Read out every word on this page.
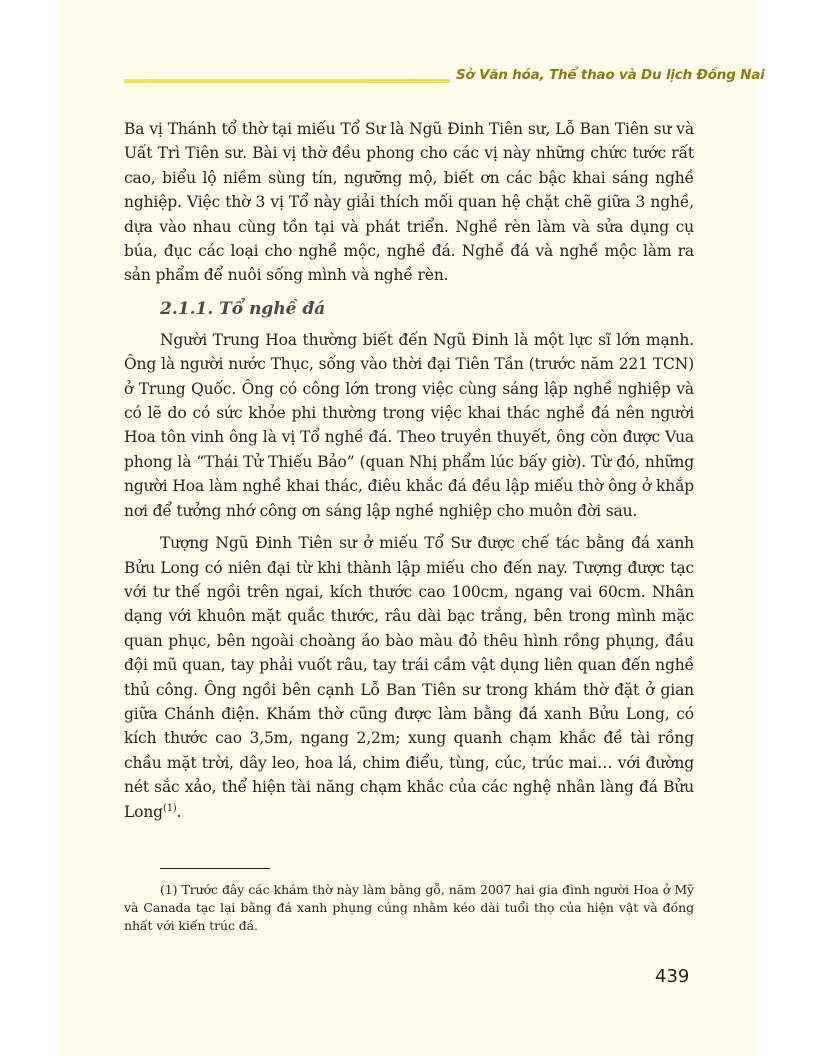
Sở Văn hóa, Thể thao và Du lịch Đồng Nai

Ba vị Thánh tổ thờ tại miếu Tổ Sư là Ngũ Đinh Tiên sư, Lỗ Ban Tiên sư và Uất Trì Tiên sư. Bài vị thờ đều phong cho các vị này những chức tước rất cao, biểu lộ niềm sùng tín, ngưỡng mộ, biết ơn các bậc khai sáng nghề nghiệp. Việc thờ 3 vị Tổ này giải thích mối quan hệ chặt chẽ giữa 3 nghề, dựa vào nhau cùng tồn tại và phát triển. Nghề rèn làm và sửa dụng cụ búa, đục các loại cho nghề mộc, nghề đá. Nghề đá và nghề mộc làm ra sản phẩm để nuôi sống mình và nghề rèn.

2.1.1. Tổ nghề đá

Người Trung Hoa thường biết đến Ngũ Đinh là một lực sĩ lớn mạnh. Ông là người nước Thục, sống vào thời đại Tiên Tần (trước năm 221 TCN) ở Trung Quốc. Ông có công lớn trong việc cùng sáng lập nghề nghiệp và có lẽ do có sức khỏe phi thường trong việc khai thác nghề đá nên người Hoa tôn vinh ông là vị Tổ nghề đá. Theo truyền thuyết, ông còn được Vua phong là “Thái Tử Thiếu Bảo” (quan Nhị phẩm lúc bấy giờ). Từ đó, những người Hoa làm nghề khai thác, điêu khắc đá đều lập miếu thờ ông ở khắp nơi để tưởng nhớ công ơn sáng lập nghề nghiệp cho muôn đời sau.

Tượng Ngũ Đinh Tiên sư ở miếu Tổ Sư được chế tác bằng đá xanh Bửu Long có niên đại từ khi thành lập miếu cho đến nay. Tượng được tạc với tư thế ngồi trên ngai, kích thước cao 100cm, ngang vai 60cm. Nhân dạng với khuôn mặt quắc thước, râu dài bạc trắng, bên trong mình mặc quan phục, bên ngoài choàng áo bào màu đỏ thêu hình rồng phụng, đầu đội mũ quan, tay phải vuốt râu, tay trái cầm vật dụng liên quan đến nghề thủ công. Ông ngồi bên cạnh Lỗ Ban Tiên sư trong khám thờ đặt ở gian giữa Chánh điện. Khám thờ cũng được làm bằng đá xanh Bửu Long, có kích thước cao 3,5m, ngang 2,2m; xung quanh chạm khắc đề tài rồng chầu mặt trời, dây leo, hoa lá, chim điểu, tùng, cúc, trúc mai… với đường nét sắc xảo, thể hiện tài năng chạm khắc của các nghệ nhân làng đá Bửu Long$^{(1)}$.

(1) Trước đây các khám thờ này làm bằng gỗ, năm 2007 hai gia đình người Hoa ở Mỹ và Canada tạc lại bằng đá xanh phụng cúng nhằm kéo dài tuổi thọ của hiện vật và đồng nhất với kiến trúc đá.
439
